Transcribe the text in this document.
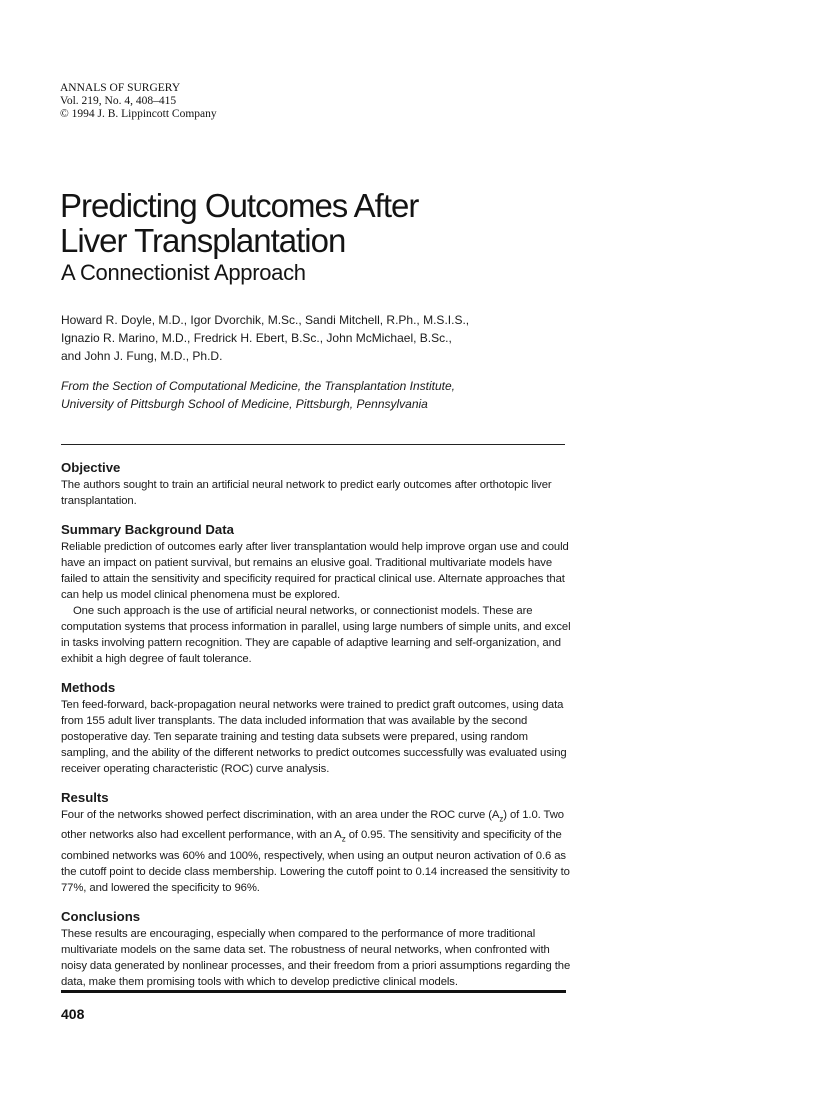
ANNALS OF SURGERY
Vol. 219, No. 4, 408–415
© 1994 J. B. Lippincott Company
Predicting Outcomes After
Liver Transplantation
A Connectionist Approach
Howard R. Doyle, M.D., Igor Dvorchik, M.Sc., Sandi Mitchell, R.Ph., M.S.I.S.,
Ignazio R. Marino, M.D., Fredrick H. Ebert, B.Sc., John McMichael, B.Sc.,
and John J. Fung, M.D., Ph.D.
From the Section of Computational Medicine, the Transplantation Institute,
University of Pittsburgh School of Medicine, Pittsburgh, Pennsylvania
Objective

The authors sought to train an artificial neural network to predict early outcomes after orthotopic liver transplantation.

Summary Background Data

Reliable prediction of outcomes early after liver transplantation would help improve organ use and could have an impact on patient survival, but remains an elusive goal. Traditional multivariate models have failed to attain the sensitivity and specificity required for practical clinical use. Alternate approaches that can help us model clinical phenomena must be explored.

One such approach is the use of artificial neural networks, or connectionist models. These are computation systems that process information in parallel, using large numbers of simple units, and excel in tasks involving pattern recognition. They are capable of adaptive learning and self-organization, and exhibit a high degree of fault tolerance.

Methods

Ten feed-forward, back-propagation neural networks were trained to predict graft outcomes, using data from 155 adult liver transplants. The data included information that was available by the second postoperative day. Ten separate training and testing data subsets were prepared, using random sampling, and the ability of the different networks to predict outcomes successfully was evaluated using receiver operating characteristic (ROC) curve analysis.

Results

Four of the networks showed perfect discrimination, with an area under the ROC curve $(A_z)$ of 1.0. Two other networks also had excellent performance, with an $A_z$ of 0.95. The sensitivity and specificity of the combined networks was 60% and 100%, respectively, when using an output neuron activation of 0.6 as the cutoff point to decide class membership. Lowering the cutoff point to 0.14 increased the sensitivity to 77%, and lowered the specificity to 96%.

Conclusions

These results are encouraging, especially when compared to the performance of more traditional multivariate models on the same data set. The robustness of neural networks, when confronted with noisy data generated by nonlinear processes, and their freedom from a priori assumptions regarding the data, make them promising tools with which to develop predictive clinical models.

408
